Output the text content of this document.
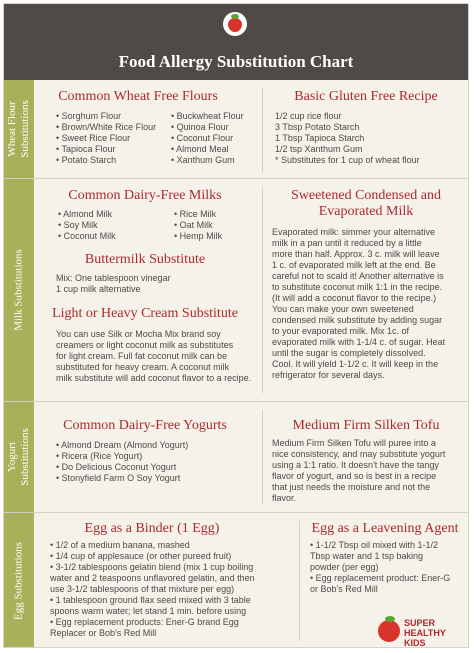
Food Allergy Substitution Chart
Wheat Flour Substitutions
Common Wheat Free Flours
• Sorghum Flour
• Brown/White Rice Flour
• Sweet Rice Flour
• Tapioca Flour
• Potato Starch
• Buckwheat Flour
• Quinoa Flour
• Coconut Flour
• Almond Meal
• Xanthum Gum
Basic Gluten Free Recipe
1/2 cup rice flour
3 Tbsp Potato Starch
1 Tbsp Tapioca Starch
1/2 tsp Xanthum Gum
* Substitutes for 1 cup of wheat flour
Milk Substitutions
Common Dairy-Free Milks
• Almond Milk
• Soy Milk
• Coconut Milk
• Rice Milk
• Oat Milk
• Hemp Milk
Buttermilk Substitute
Mix: One tablespoon vinegar
1 cup milk alternative
Light or Heavy Cream Substitute
You can use Silk or Mocha Mix brand soy
creamers or light coconut milk as substitutes
for light cream. Full fat coconut milk can be
substituted for heavy cream. A coconut milk
milk substitute will add coconut flavor to a recipe.
Sweetened Condensed and
Evaporated Milk
Evaporated milk: simmer your alternative
milk in a pan until it reduced by a little
more than half. Approx. 3 c. milk will leave
1 c. of evaporated milk left at the end. Be
careful not to scald it! Another alternative is
to substitute coconut milk 1:1 in the recipe.
(It will add a coconut flavor to the recipe.)
You can make your own sweetened
condensed milk substitute by adding sugar
to your evaporated milk. Mix 1c. of
evaporated milk with 1-1/4 c. of sugar. Heat
until the sugar is completely dissolved.
Cool. It will yield 1-1/2 c. It will keep in the
refrigerator for several days.
Yogurt Substitutions
Common Dairy-Free Yogurts
• Almond Dream (Almond Yogurt)
• Ricera (Rice Yogurt)
• Do Delicious Coconut Yogurt
• Stonyfield Farm O Soy Yogurt
Medium Firm Silken Tofu
Medium Firm Silken Tofu will puree into a
nice consistency, and may substitute yogurt
using a 1:1 ratio. It doesn't have the tangy
flavor of yogurt, and so is best in a recipe
that just needs the moisture and not the
flavor.
Egg Substitutions
Egg as a Binder (1 Egg)
• 1/2 of a medium banana, mashed
• 1/4 cup of applesauce (or other pureed fruit)
• 3-1/2 tablespoons gelatin blend (mix 1 cup boiling
water and 2 teaspoons unflavored gelatin, and then
use 3-1/2 tablespoons of that mixture per egg)
• 1 tablespoon ground flax seed mixed with 3 table
spoons warm water; let stand 1 min. before using
• Egg replacement products: Ener-G brand Egg
Replacer or Bob's Red Mill
Egg as a Leavening Agent
• 1-1/2 Tbsp oil mixed with 1-1/2
Tbsp water and 1 tsp baking
powder (per egg)
• Egg replacement product: Ener-G
or Bob's Red Mill
SUPER
HEALTHY
KIDS
